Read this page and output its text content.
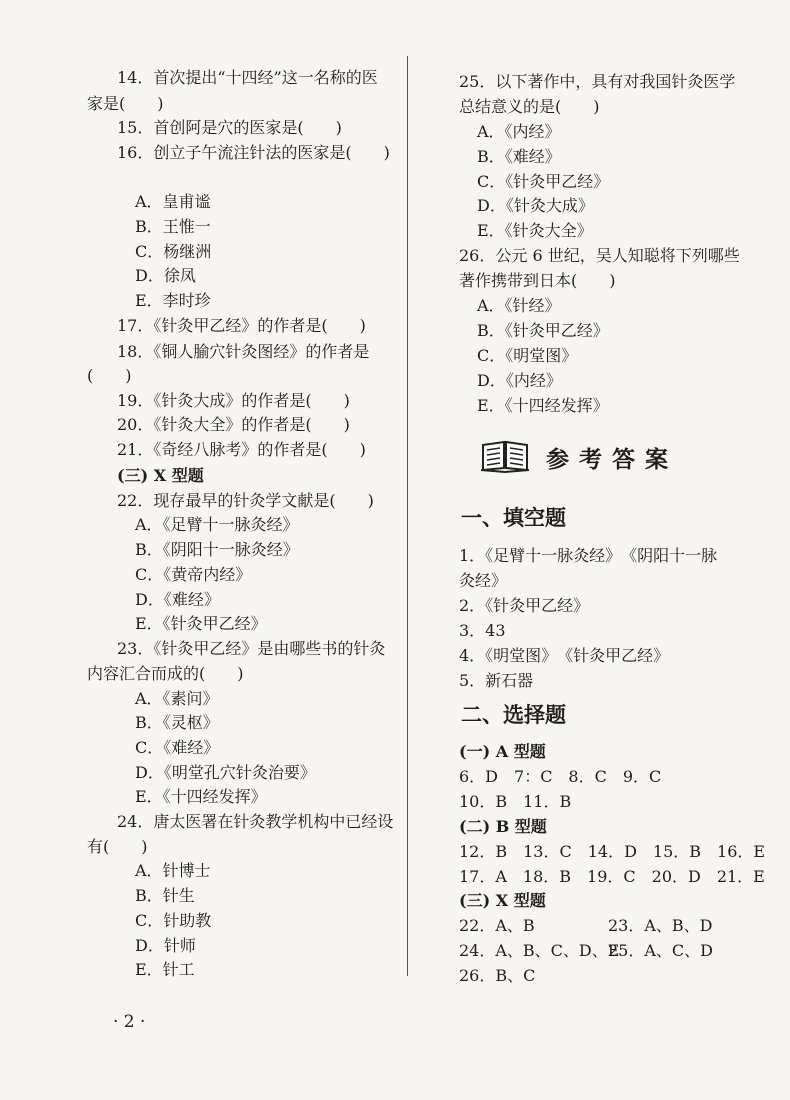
14．首次提出“十四经”这一名称的医
家是(　　)
15．首创阿是穴的医家是(　　)
16．创立子午流注针法的医家是(　　)
A．皇甫谧
B．王惟一
C．杨继洲
D．徐凤
E．李时珍
17．《针灸甲乙经》的作者是(　　)
18．《铜人腧穴针灸图经》的作者是
(　　)
19．《针灸大成》的作者是(　　)
20．《针灸大全》的作者是(　　)
21．《奇经八脉考》的作者是(　　)
(三) X 型题
22．现存最早的针灸学文献是(　　)
A．《足臂十一脉灸经》
B．《阴阳十一脉灸经》
C．《黄帝内经》
D．《难经》
E．《针灸甲乙经》
23．《针灸甲乙经》是由哪些书的针灸
内容汇合而成的(　　)
A．《素问》
B．《灵枢》
C．《难经》
D．《明堂孔穴针灸治要》
E．《十四经发挥》
24．唐太医署在针灸教学机构中已经设
有(　　)
A．针博士
B．针生
C．针助教
D．针师
E．针工
25．以下著作中，具有对我国针灸医学
总结意义的是(　　)
A．《内经》
B．《难经》
C．《针灸甲乙经》
D．《针灸大成》
E．《针灸大全》
26．公元 6 世纪，吴人知聪将下列哪些
著作携带到日本(　　)
A．《针经》
B．《针灸甲乙经》
C．《明堂图》
D．《内经》
E．《十四经发挥》
一、填空题
1．《足臂十一脉灸经》　《阴阳十一脉
灸经》
2．《针灸甲乙经》
3．43
4．《明堂图》　《针灸甲乙经》
5．新石器
二、选择题
(一) A 型题
6．D　7：C　8．C　9．C
10．B　11．B
(二) B 型题
12．B　13．C　14．D　15．B　16．E
17．A　18．B　19．C　20．D　21．E
(三) X 型题
22．A、B	23．A、B、D
24．A、B、C、D、E
25．A、C、D
26．B、C
参考答案
· 2 ·
